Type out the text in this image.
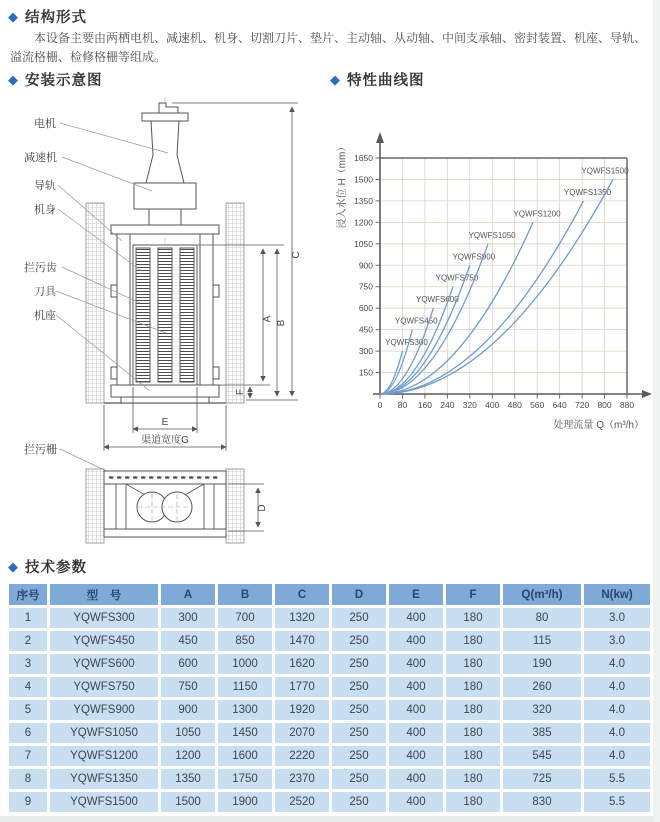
◆ 结构形式

本设备主要由两栖电机、减速机、机身、切割刀片、垫片、主动轴、从动轴、中间支承轴、密封装置、机座、导轨、溢流格栅、检修格栅等组成。

◆ 安装示意图	◆ 特性曲线图
电机
减速机
导轨
机身
拦污齿
刀具
机座
拦污栅
C
B
A
F
E
渠道宽度G
D
150
300
450
600
750
900
1050
1200
1350
1500
1650
0 80 160 240 320 400 480 560 640 720 800 880
YQWFS300
YQWFS450
YQWFS600
YQWFS750
YQWFS900
YQWFS1050
YQWFS1200
YQWFS1350
YQWFS1500
处理流量 Q（m³/h）
浸入水位 H（mm）
◆ 技术参数
序号	型　号	A	B	C	D	E	F	Q(m³/h)	N(kw)
1	YQWFS300	300	700	1320	250	400	180	80	3.0
2	YQWFS450	450	850	1470	250	400	180	115	3.0
3	YQWFS600	600	1000	1620	250	400	180	190	4.0
4	YQWFS750	750	1150	1770	250	400	180	260	4.0
5	YQWFS900	900	1300	1920	250	400	180	320	4.0
6	YQWFS1050	1050	1450	2070	250	400	180	385	4.0
7	YQWFS1200	1200	1600	2220	250	400	180	545	4.0
8	YQWFS1350	1350	1750	2370	250	400	180	725	5.5
9	YQWFS1500	1500	1900	2520	250	400	180	830	5.5
